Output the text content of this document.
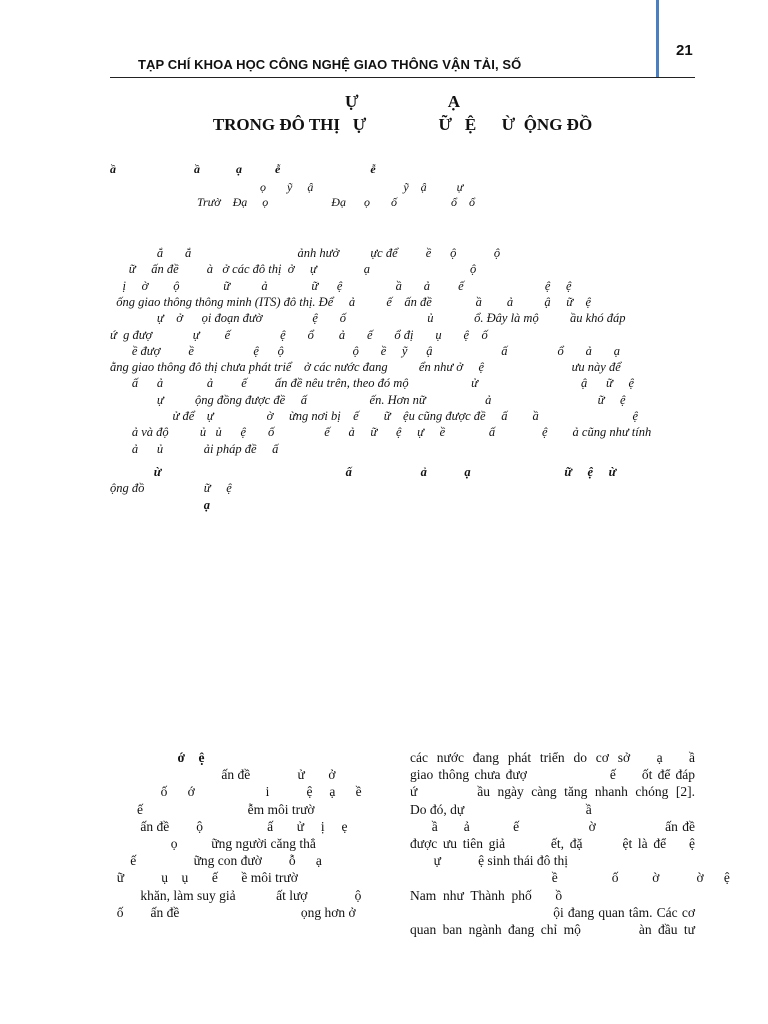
21
TẠP CHÍ KHOA HỌC CÔNG NGHỆ GIAO THÔNG VẬN TẢI, SỐ
Ự                     Ạ
TRONG ĐÔ THỊ   Ự                 Ữ   Ệ      Ừ  ỘNG ĐỒ
ầ                          ầ            ạ           ễ                              ễ
ọ       ỹ     ậ                              ỹ    ậ          ự
Trườ    Đạ     ọ                     Đạ      ọ       ố                  ổ    ổ
ắ       ắ                                  ảnh hưở          ực để         ề      ộ            ộ
ữ     ấn đề         à   ở các đô thị  ở     ự               ạ                                ộ
ị     ờ        ộ              ữ          ả              ữ      ệ                 ầ       ả         ế                          ệ     ệ
ống giao thông thông minh (ITS) đô thị. Để     ả          ế    ấn đề              ầ        ả          ậ     ữ    ệ
ự    ở      ọi đoạn đườ                ệ       ố                          ủ             ổ. Đây là mộ          ầu khó đáp
ứ  g đượ             ự        ế                ệ       ổ        ả       ế       ổ đị       ụ       ệ    ố
ề đượ         ề                   ệ      ộ                      ộ       ề     ỹ      ậ                      ấ                ổ       ả       ạ
ằng giao thông đô thị chưa phát triể    ở các nước đang          ển như ở     ệ                            ưu này để
ấ      ả              ả         ế         ấn đề nêu trên, theo đó mộ                    ử                                 ậ      ữ     ệ
ự          ộng đồng được đề     ấ                    ến. Hơn nữ                   ả                                  ữ     ệ
ử để    ự                 ờ     ừng nơi bị    ế        ữ    ệu cũng được đề     ấ        ầ                              ệ
ả và độ          ủ   ủ      ệ       ố                ế      ả     ữ      ệ     ự     ề              ấ               ệ        ả cũng như tính
ả      ủ             ải pháp đề     ấ
ừ                                                           ấ                      ả            ạ                              ữ     ệ     ừ
ộng đồ                   ữ     ệ
ạ
ớ    ệ
ấn đề              ử       ở
ố      ớ                     i           ệ     ạ      ề
ế                               ễm môi trườ
ấn đề        ộ                   ấ       ử     ị     ẹ
ọ          ững người căng thẳ
ế                 ững con đườ        ỗ      ạ
ữ           ụ    ụ       ế       ề môi trườ
khăn, làm suy giả            ất lượ              ộ
ố        ấn đề                                    ọng hơn ở
các nước đang phát triển do cơ sở   ạ   ầ
giao thông chưa đượ                ế     ốt để đáp
ứ        ầu ngày càng tăng nhanh chóng [2].
Do đó, dự                                    ầ
ầ      ả          ế                ờ                ấn đề
được ưu tiên giả        ết, đặ       ệt là để    ệ
ự           ệ sinh thái đô thị
ề                ố          ờ           ờ      ệ
Nam  như  Thành  phố       ồ
ội đang quan tâm. Các cơ
quan ban ngành đang chỉ mộ         àn đầu tư
